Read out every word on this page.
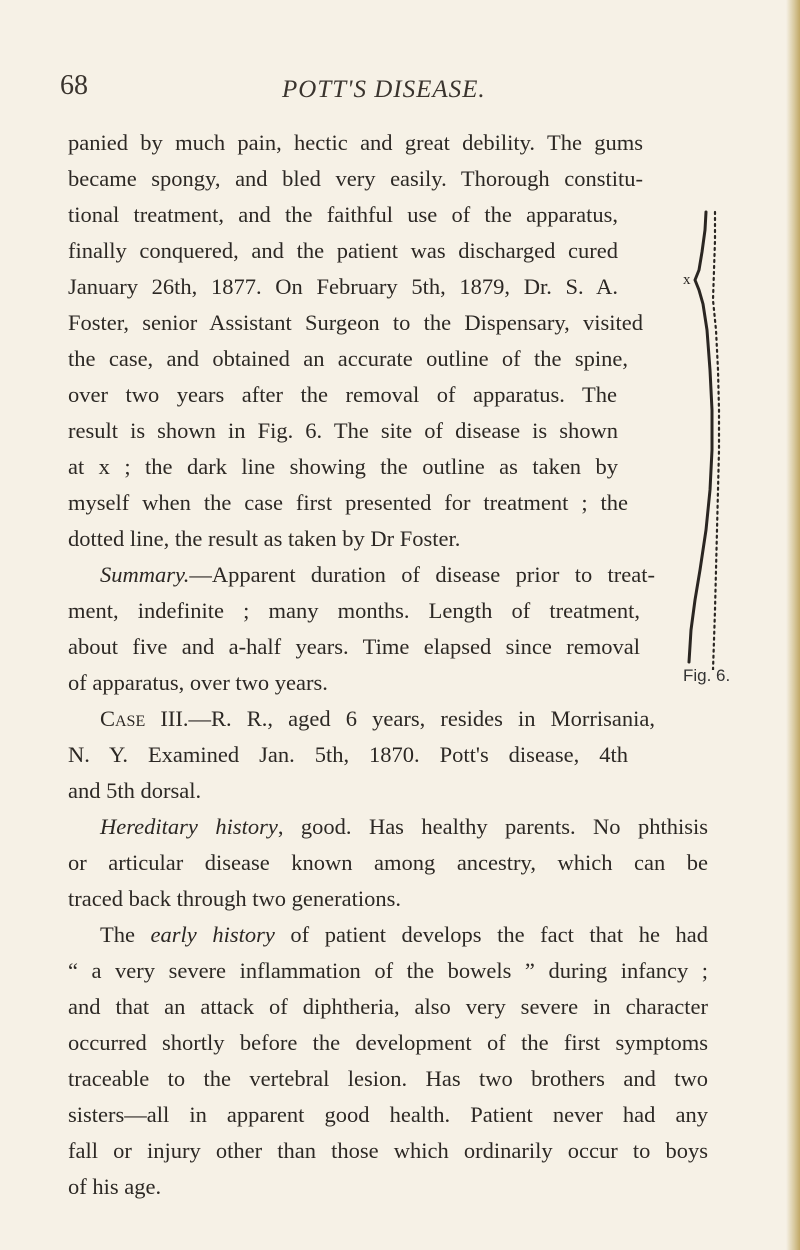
68	POTT'S DISEASE.
panied by much pain, hectic and great debility. The gums
became spongy, and bled very easily. Thorough constitu-
tional treatment, and the faithful use of the apparatus,
finally conquered, and the patient was discharged cured
January 26th, 1877. On February 5th, 1879, Dr. S. A.
Foster, senior Assistant Surgeon to the Dispensary, visited
the case, and obtained an accurate outline of the spine,
over two years after the removal of apparatus. The
result is shown in Fig. 6. The site of disease is shown
at x ; the dark line showing the outline as taken by
myself when the case first presented for treatment ; the
dotted line, the result as taken by Dr Foster.
Summary.—Apparent duration of disease prior to treat-
ment, indefinite ; many months. Length of treatment,
about five and a-half years. Time elapsed since removal
of apparatus, over two years.
Case III.—R. R., aged 6 years, resides in Morrisania,
N. Y. Examined Jan. 5th, 1870. Pott's disease, 4th
and 5th dorsal.
Hereditary history, good. Has healthy parents. No phthisis
or articular disease known among ancestry, which can be
traced back through two generations.
The early history of patient develops the fact that he had
“ a very severe inflammation of the bowels ” during infancy ;
and that an attack of diphtheria, also very severe in character
occurred shortly before the development of the first symptoms
traceable to the vertebral lesion. Has two brothers and two
sisters—all in apparent good health. Patient never had any
fall or injury other than those which ordinarily occur to boys
of his age.
x
Fig. 6.
